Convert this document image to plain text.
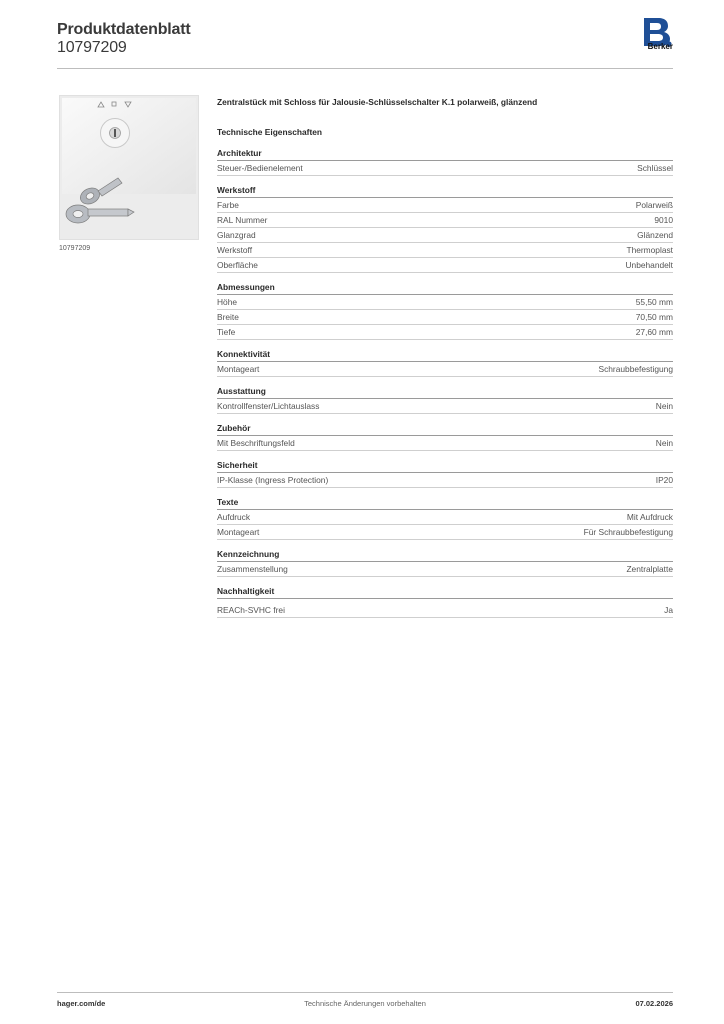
Produktdatenblatt
10797209	Berker
10797209
Zentralstück mit Schloss für Jalousie-Schlüsselschalter K.1 polarweiß, glänzend
Technische Eigenschaften
Architektur
Steuer-/Bedienelement	Schlüssel
Werkstoff
Farbe	Polarweiß
RAL Nummer	9010
Glanzgrad	Glänzend
Werkstoff	Thermoplast
Oberfläche	Unbehandelt
Abmessungen
Höhe	55,50 mm
Breite	70,50 mm
Tiefe	27,60 mm
Konnektivität
Montageart	Schraubbefestigung
Ausstattung
Kontrollfenster/Lichtauslass	Nein
Zubehör
Mit Beschriftungsfeld	Nein
Sicherheit
IP-Klasse (Ingress Protection)	IP20
Texte
Aufdruck	Mit Aufdruck
Montageart	Für Schraubbefestigung
Kennzeichnung
Zusammenstellung	Zentralplatte
Nachhaltigkeit
REACh-SVHC frei	Ja
Technische Änderungen vorbehalten
hager.com/de	07.02.2026
